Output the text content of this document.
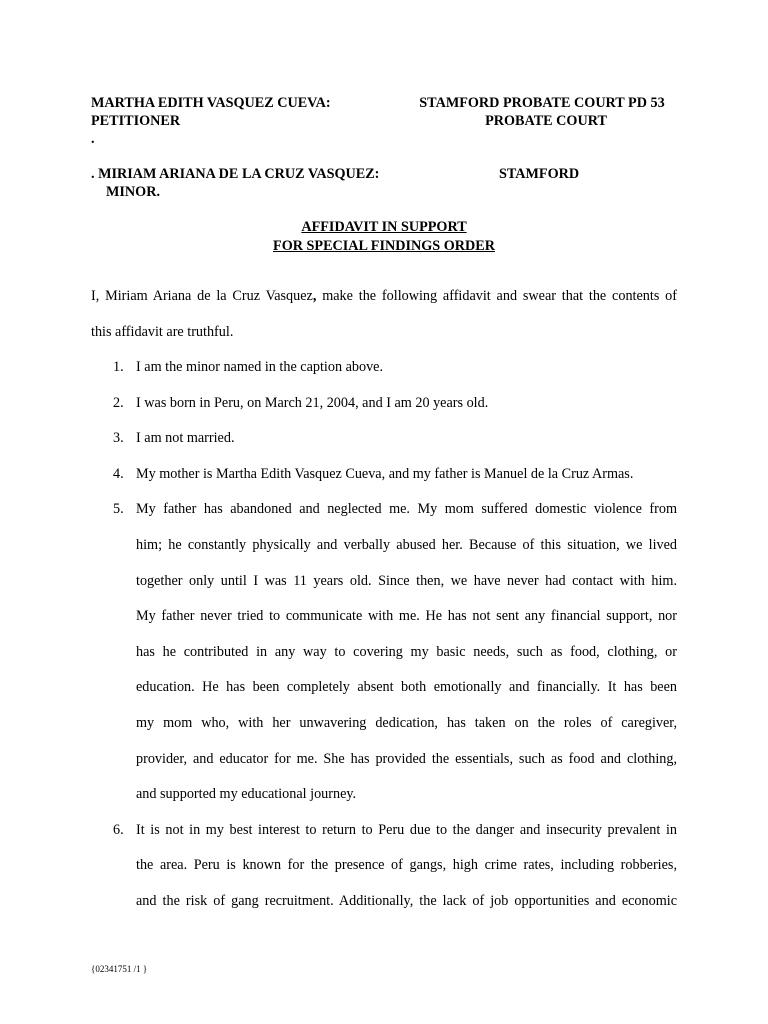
MARTHA EDITH VASQUEZ CUEVA:
PETITIONER
.
STAMFORD PROBATE COURT PD 53
PROBATE COURT
. MIRIAM ARIANA DE LA CRUZ VASQUEZ:
MINOR.
STAMFORD
AFFIDAVIT IN SUPPORT
FOR SPECIAL FINDINGS ORDER
I, Miriam Ariana de la Cruz Vasquez, make the following affidavit and swear that the contents of
this affidavit are truthful.
1. I am the minor named in the caption above.
2. I was born in Peru, on March 21, 2004, and I am 20 years old.
3. I am not married.
4. My mother is Martha Edith Vasquez Cueva, and my father is Manuel de la Cruz Armas.
5. My father has abandoned and neglected me. My mom suffered domestic violence from
him; he constantly physically and verbally abused her. Because of this situation, we lived
together only until I was 11 years old. Since then, we have never had contact with him.
My father never tried to communicate with me. He has not sent any financial support, nor
has he contributed in any way to covering my basic needs, such as food, clothing, or
education. He has been completely absent both emotionally and financially. It has been
my mom who, with her unwavering dedication, has taken on the roles of caregiver,
provider, and educator for me. She has provided the essentials, such as food and clothing,
and supported my educational journey.
6. It is not in my best interest to return to Peru due to the danger and insecurity prevalent in
the area. Peru is known for the presence of gangs, high crime rates, including robberies,
and the risk of gang recruitment. Additionally, the lack of job opportunities and economic
{02341751 /1 }
